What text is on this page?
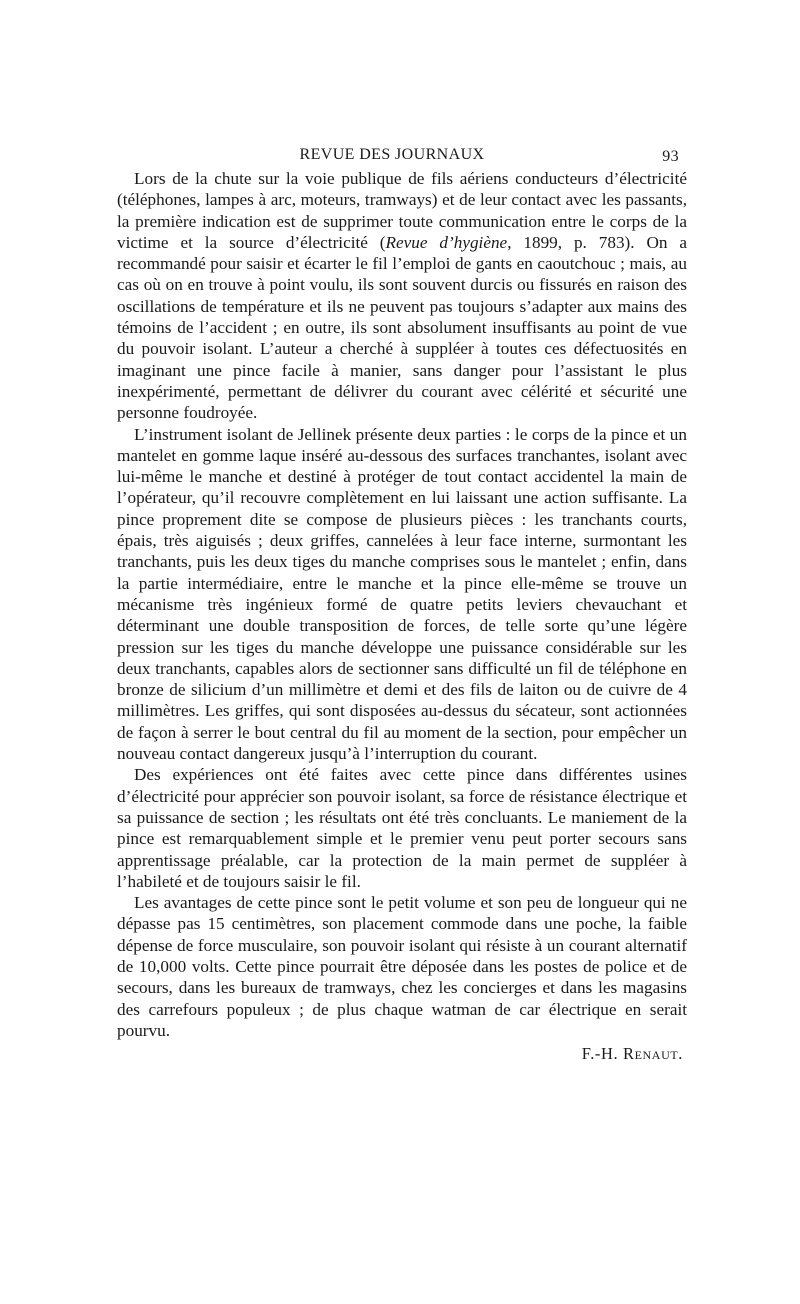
REVUE DES JOURNAUX	93

Lors de la chute sur la voie publique de fils aériens conducteurs d’électricité (téléphones, lampes à arc, moteurs, tramways) et de leur contact avec les passants, la première indication est de supprimer toute communication entre le corps de la victime et la source d’électricité (Revue d’hygiène, 1899, p. 783). On a recommandé pour saisir et écarter le fil l’emploi de gants en caoutchouc ; mais, au cas où on en trouve à point voulu, ils sont souvent durcis ou fissurés en raison des oscillations de température et ils ne peuvent pas toujours s’adapter aux mains des témoins de l’accident ; en outre, ils sont absolument insuffisants au point de vue du pouvoir isolant. L’auteur a cherché à suppléer à toutes ces défectuosités en imaginant une pince facile à manier, sans danger pour l’assistant le plus inexpérimenté, permettant de délivrer du courant avec célérité et sécurité une personne foudroyée.

L’instrument isolant de Jellinek présente deux parties : le corps de la pince et un mantelet en gomme laque inséré au-dessous des surfaces tranchantes, isolant avec lui-même le manche et destiné à protéger de tout contact accidentel la main de l’opérateur, qu’il recouvre complètement en lui laissant une action suffisante. La pince proprement dite se compose de plusieurs pièces : les tranchants courts, épais, très aiguisés ; deux griffes, cannelées à leur face interne, surmontant les tranchants, puis les deux tiges du manche comprises sous le mantelet ; enfin, dans la partie intermédiaire, entre le manche et la pince elle-même se trouve un mécanisme très ingénieux formé de quatre petits leviers chevauchant et déterminant une double transposition de forces, de telle sorte qu’une légère pression sur les tiges du manche développe une puissance considérable sur les deux tranchants, capables alors de sectionner sans difficulté un fil de téléphone en bronze de silicium d’un millimètre et demi et des fils de laiton ou de cuivre de 4 millimètres. Les griffes, qui sont disposées au-dessus du sécateur, sont actionnées de façon à serrer le bout central du fil au moment de la section, pour empêcher un nouveau contact dangereux jusqu’à l’interruption du courant.

Des expériences ont été faites avec cette pince dans différentes usines d’électricité pour apprécier son pouvoir isolant, sa force de résistance électrique et sa puissance de section ; les résultats ont été très concluants. Le maniement de la pince est remarquablement simple et le premier venu peut porter secours sans apprentissage préalable, car la protection de la main permet de suppléer à l’habileté et de toujours saisir le fil.

Les avantages de cette pince sont le petit volume et son peu de longueur qui ne dépasse pas 15 centimètres, son placement commode dans une poche, la faible dépense de force musculaire, son pouvoir isolant qui résiste à un courant alternatif de 10,000 volts. Cette pince pourrait être déposée dans les postes de police et de secours, dans les bureaux de tramways, chez les concierges et dans les magasins des carrefours populeux ; de plus chaque watman de car électrique en serait pourvu.

F.-H. Renaut.
